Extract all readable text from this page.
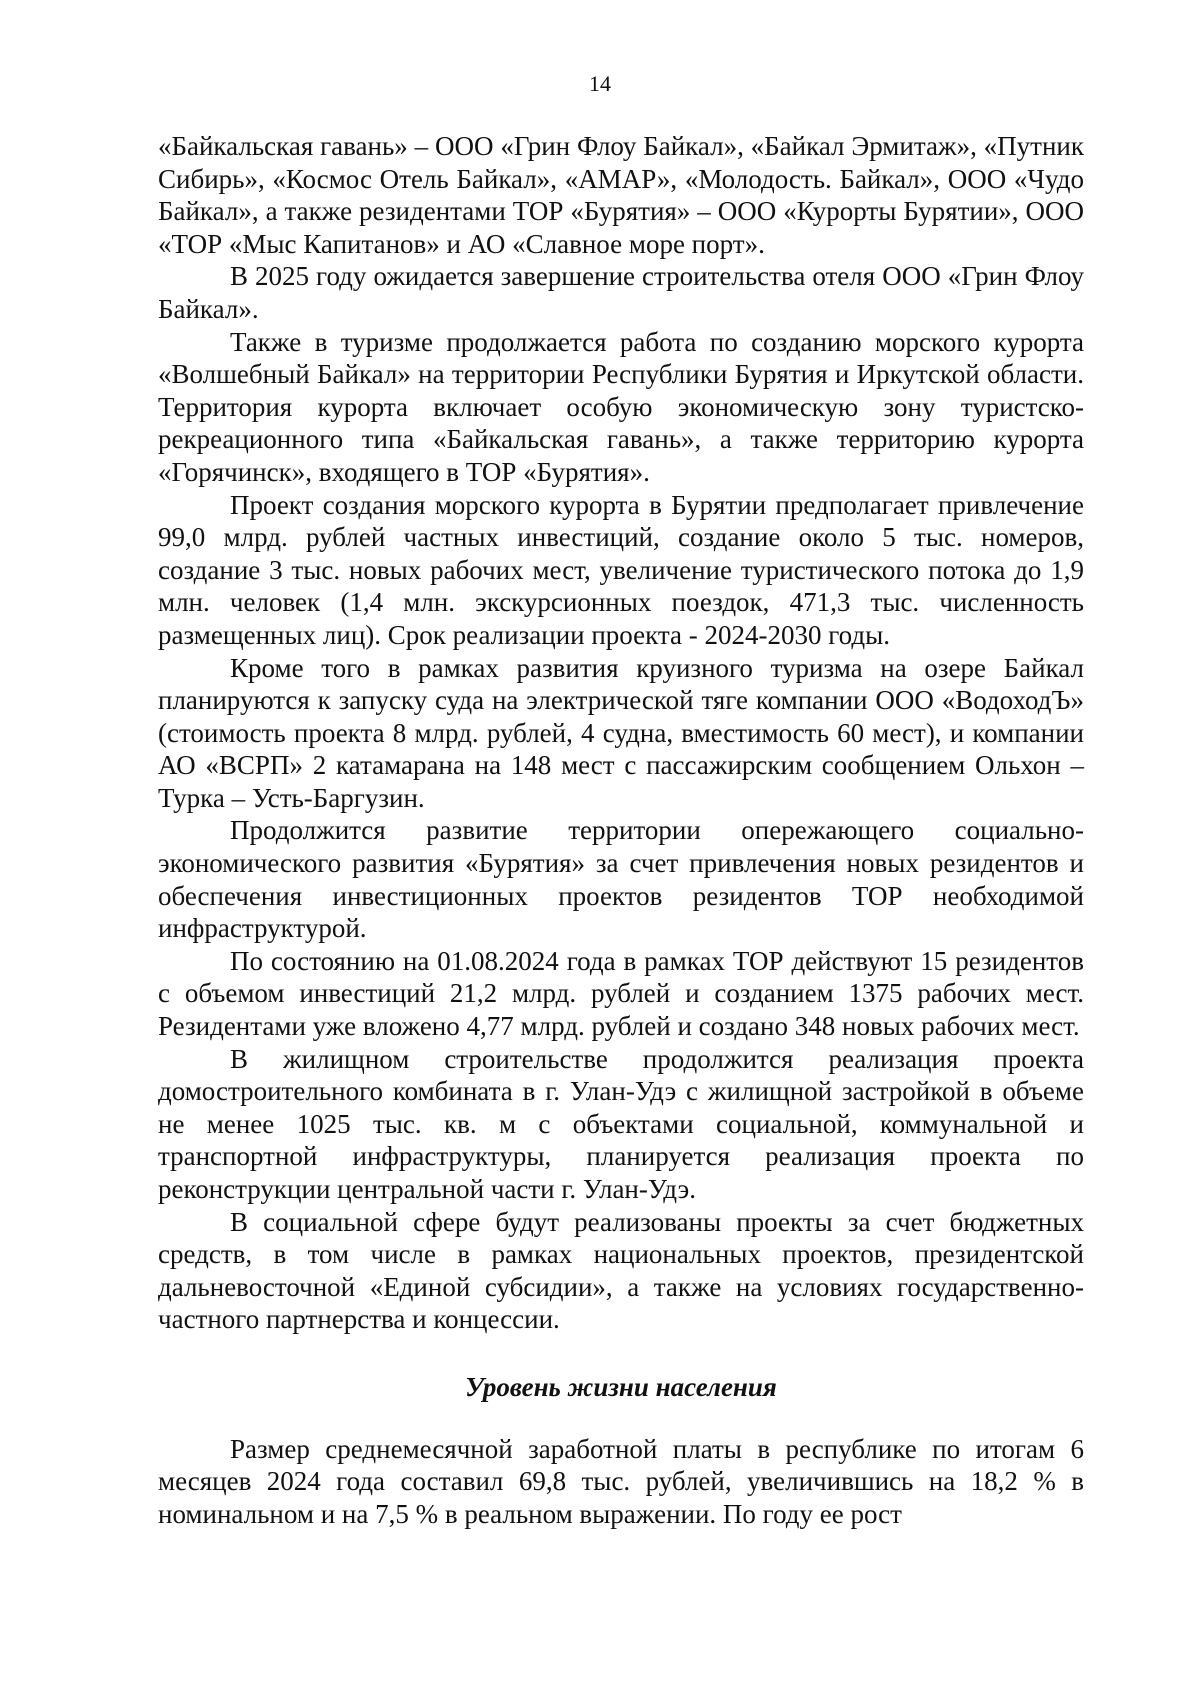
14

«Байкальская гавань» – ООО «Грин Флоу Байкал», «Байкал Эрмитаж», «Путник Сибирь», «Космос Отель Байкал», «АМАР», «Молодость. Байкал», ООО «Чудо Байкал», а также резидентами ТОР «Бурятия» – ООО «Курорты Бурятии», ООО «ТОР «Мыс Капитанов» и АО «Славное море порт».

В 2025 году ожидается завершение строительства отеля ООО «Грин Флоу Байкал».

Также в туризме продолжается работа по созданию морского курорта «Волшебный Байкал» на территории Республики Бурятия и Иркутской области. Территория курорта включает особую экономическую зону туристско-рекреационного типа «Байкальская гавань», а также территорию курорта «Горячинск», входящего в ТОР «Бурятия».

Проект создания морского курорта в Бурятии предполагает привлечение 99,0 млрд. рублей частных инвестиций, создание около 5 тыс. номеров, создание 3 тыс. новых рабочих мест, увеличение туристического потока до 1,9 млн. человек (1,4 млн. экскурсионных поездок, 471,3 тыс. численность размещенных лиц). Срок реализации проекта - 2024-2030 годы.

Кроме того в рамках развития круизного туризма на озере Байкал планируются к запуску суда на электрической тяге компании ООО «ВодоходЪ» (стоимость проекта 8 млрд. рублей, 4 судна, вместимость 60 мест), и компании АО «ВСРП» 2 катамарана на 148 мест с пассажирским сообщением Ольхон – Турка – Усть-Баргузин.

Продолжится развитие территории опережающего социально-экономического развития «Бурятия» за счет привлечения новых резидентов и обеспечения инвестиционных проектов резидентов ТОР необходимой инфраструктурой.

По состоянию на 01.08.2024 года в рамках ТОР действуют 15 резидентов с объемом инвестиций 21,2 млрд. рублей и созданием 1375 рабочих мест. Резидентами уже вложено 4,77 млрд. рублей и создано 348 новых рабочих мест.

В жилищном строительстве продолжится реализация проекта домостроительного комбината в г. Улан-Удэ с жилищной застройкой в объеме не менее 1025 тыс. кв. м с объектами социальной, коммунальной и транспортной инфраструктуры, планируется реализация проекта по реконструкции центральной части г. Улан-Удэ.

В социальной сфере будут реализованы проекты за счет бюджетных средств, в том числе в рамках национальных проектов, президентской дальневосточной «Единой субсидии», а также на условиях государственно-частного партнерства и концессии.

Уровень жизни населения

Размер среднемесячной заработной платы в республике по итогам 6 месяцев 2024 года составил 69,8 тыс. рублей, увеличившись на 18,2 % в номинальном и на 7,5 % в реальном выражении. По году ее рост
